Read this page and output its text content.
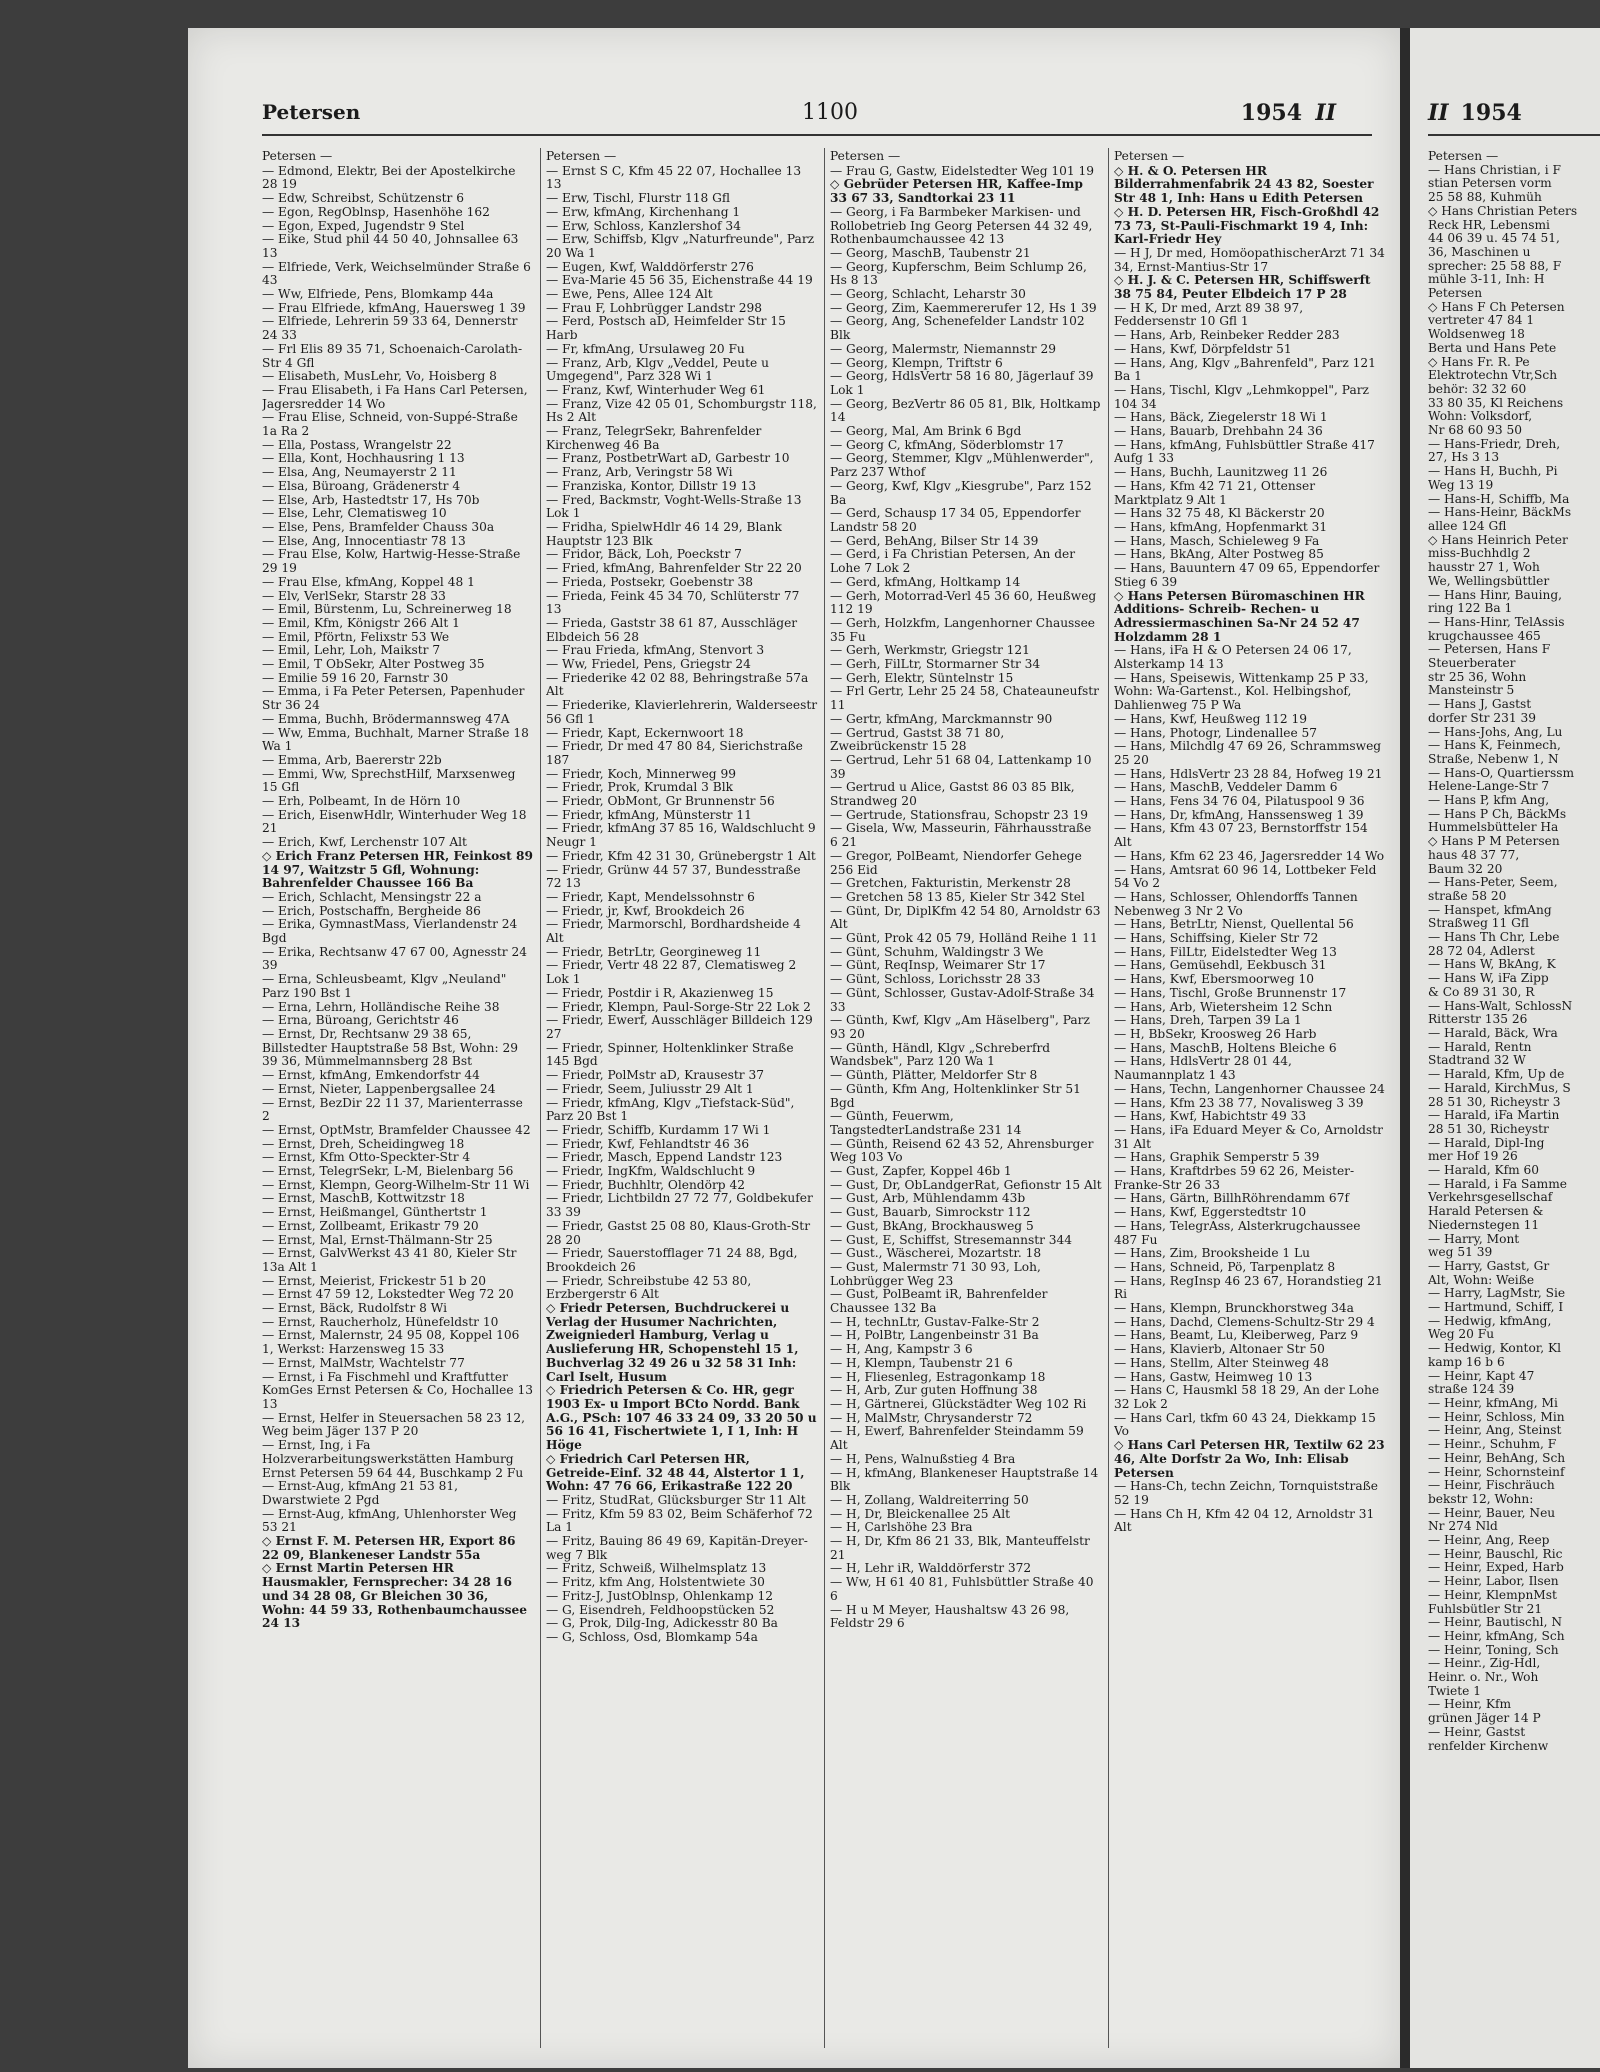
Petersen	1100	1954 II
Petersen —
— Edmond, Elektr, Bei der Apostelkirche 28 19
— Edw, Schreibst, Schützenstr 6
— Egon, RegOblnsp, Hasenhöhe 162
— Egon, Exped, Jugendstr 9 Stel
— Eike, Stud phil 44 50 40, Johnsallee 63 13
— Elfriede, Verk, Weichselmünder Straße 6 43
— Ww, Elfriede, Pens, Blomkamp 44a
— Frau Elfriede, kfmAng, Hauersweg 1 39
— Elfriede, Lehrerin 59 33 64, Dennerstr 24 33
— Frl Elis 89 35 71, Schoenaich-Carolath-Str 4 Gfl
— Elisabeth, MusLehr, Vo, Hoisberg 8
— Frau Elisabeth, i Fa Hans Carl Petersen, Jagersredder 14 Wo
— Frau Elise, Schneid, von-Suppé-Straße 1a Ra 2
— Ella, Postass, Wrangelstr 22
— Ella, Kont, Hochhausring 1 13
— Elsa, Ang, Neumayerstr 2 11
— Elsa, Büroang, Grädenerstr 4
— Else, Arb, Hastedtstr 17, Hs 70b
— Else, Lehr, Clematisweg 10
— Else, Pens, Bramfelder Chauss 30a
— Else, Ang, Innocentiastr 78 13
— Frau Else, Kolw, Hartwig-Hesse-Straße 29 19
— Frau Else, kfmAng, Koppel 48 1
— Elv, VerlSekr, Starstr 28 33
— Emil, Bürstenm, Lu, Schreinerweg 18
— Emil, Kfm, Königstr 266 Alt 1
— Emil, Pförtn, Felixstr 53 We
— Emil, Lehr, Loh, Maikstr 7
— Emil, T ObSekr, Alter Postweg 35
— Emilie 59 16 20, Farnstr 30
— Emma, i Fa Peter Petersen, Papenhuder Str 36 24
— Emma, Buchh, Brödermannsweg 47A
— Ww, Emma, Buchhalt, Marner Straße 18 Wa 1
— Emma, Arb, Baererstr 22b
— Emmi, Ww, SprechstHilf, Marxsenweg 15 Gfl
— Erh, Polbeamt, In de Hörn 10
— Erich, EisenwHdlr, Winterhuder Weg 18 21
— Erich, Kwf, Lerchenstr 107 Alt
◇ Erich Franz Petersen HR, Feinkost 89 14 97, Waitzstr 5 Gfl, Wohnung: Bahrenfelder Chaussee 166 Ba
— Erich, Schlacht, Mensingstr 22 a
— Erich, Postschaffn, Bergheide 86
— Erika, GymnastMass, Vierlandenstr 24 Bgd
— Erika, Rechtsanw 47 67 00, Agnesstr 24 39
— Erna, Schleusbeamt, Klgv „Neuland" Parz 190 Bst 1
— Erna, Lehrn, Holländische Reihe 38
— Erna, Büroang, Gerichtstr 46
— Ernst, Dr, Rechtsanw 29 38 65, Billstedter Hauptstraße 58 Bst, Wohn: 29 39 36, Mümmelmannsberg 28 Bst
— Ernst, kfmAng, Emkendorfstr 44
— Ernst, Nieter, Lappenbergsallee 24
— Ernst, BezDir 22 11 37, Marienterrasse 2
— Ernst, OptMstr, Bramfelder Chaussee 42
— Ernst, Dreh, Scheidingweg 18
— Ernst, Kfm Otto-Speckter-Str 4
— Ernst, TelegrSekr, L-M, Bielenbarg 56
— Ernst, Klempn, Georg-Wilhelm-Str 11 Wi
— Ernst, MaschB, Kottwitzstr 18
— Ernst, Heißmangel, Günthertstr 1
— Ernst, Zollbeamt, Erikastr 79 20
— Ernst, Mal, Ernst-Thälmann-Str 25
— Ernst, GalvWerkst 43 41 80, Kieler Str 13a Alt 1
— Ernst, Meierist, Frickestr 51 b 20
— Ernst 47 59 12, Lokstedter Weg 72 20
— Ernst, Bäck, Rudolfstr 8 Wi
— Ernst, Raucherholz, Hünefeldstr 10
— Ernst, Malernstr, 24 95 08, Koppel 106 1, Werkst: Harzensweg 15 33
— Ernst, MalMstr, Wachtelstr 77
— Ernst, i Fa Fischmehl und Kraftfutter KomGes Ernst Petersen & Co, Hochallee 13 13
— Ernst, Helfer in Steuersachen 58 23 12, Weg beim Jäger 137 P 20
— Ernst, Ing, i Fa Holzverarbeitungswerkstätten Hamburg Ernst Petersen 59 64 44, Buschkamp 2 Fu
— Ernst-Aug, kfmAng 21 53 81, Dwarstwiete 2 Pgd
— Ernst-Aug, kfmAng, Uhlenhorster Weg 53 21
◇ Ernst F. M. Petersen HR, Export 86 22 09, Blankeneser Landstr 55a
◇ Ernst Martin Petersen HR Hausmakler, Fernsprecher: 34 28 16 und 34 28 08, Gr Bleichen 30 36, Wohn: 44 59 33, Rothenbaumchaussee 24 13
Petersen —
— Ernst S C, Kfm 45 22 07, Hochallee 13 13
— Erw, Tischl, Flurstr 118 Gfl
— Erw, kfmAng, Kirchenhang 1
— Erw, Schloss, Kanzlershof 34
— Erw, Schiffsb, Klgv „Naturfreunde", Parz 20 Wa 1
— Eugen, Kwf, Walddörferstr 276
— Eva-Marie 45 56 35, Eichenstraße 44 19
— Ewe, Pens, Allee 124 Alt
— Frau F, Lohbrügger Landstr 298
— Ferd, Postsch aD, Heimfelder Str 15 Harb
— Fr, kfmAng, Ursulaweg 20 Fu
— Franz, Arb, Klgv „Veddel, Peute u Umgegend", Parz 328 Wi 1
— Franz, Kwf, Winterhuder Weg 61
— Franz, Vize 42 05 01, Schomburgstr 118, Hs 2 Alt
— Franz, TelegrSekr, Bahrenfelder Kirchenweg 46 Ba
— Franz, PostbetrWart aD, Garbestr 10
— Franz, Arb, Veringstr 58 Wi
— Franziska, Kontor, Dillstr 19 13
— Fred, Backmstr, Voght-Wells-Straße 13 Lok 1
— Fridha, SpielwHdlr 46 14 29, Blank Hauptstr 123 Blk
— Fridor, Bäck, Loh, Poeckstr 7
— Fried, kfmAng, Bahrenfelder Str 22 20
— Frieda, Postsekr, Goebenstr 38
— Frieda, Feink 45 34 70, Schlüterstr 77 13
— Frieda, Gaststr 38 61 87, Ausschläger Elbdeich 56 28
— Frau Frieda, kfmAng, Stenvort 3
— Ww, Friedel, Pens, Griegstr 24
— Friederike 42 02 88, Behringstraße 57a Alt
— Friederike, Klavierlehrerin, Walderseestr 56 Gfl 1
— Friedr, Kapt, Eckernwoort 18
— Friedr, Dr med 47 80 84, Sierichstraße 187
— Friedr, Koch, Minnerweg 99
— Friedr, Prok, Krumdal 3 Blk
— Friedr, ObMont, Gr Brunnenstr 56
— Friedr, kfmAng, Münsterstr 11
— Friedr, kfmAng 37 85 16, Waldschlucht 9 Neugr 1
— Friedr, Kfm 42 31 30, Grünebergstr 1 Alt
— Friedr, Grünw 44 57 37, Bundesstraße 72 13
— Friedr, Kapt, Mendelssohnstr 6
— Friedr, jr, Kwf, Brookdeich 26
— Friedr, Marmorschl, Bordhardsheide 4 Alt
— Friedr, BetrLtr, Georgineweg 11
— Friedr, Vertr 48 22 87, Clematisweg 2 Lok 1
— Friedr, Postdir i R, Akazienweg 15
— Friedr, Klempn, Paul-Sorge-Str 22 Lok 2
— Friedr, Ewerf, Ausschläger Billdeich 129 27
— Friedr, Spinner, Holtenklinker Straße 145 Bgd
— Friedr, PolMstr aD, Krausestr 37
— Friedr, Seem, Juliusstr 29 Alt 1
— Friedr, kfmAng, Klgv „Tiefstack-Süd", Parz 20 Bst 1
— Friedr, Schiffb, Kurdamm 17 Wi 1
— Friedr, Kwf, Fehlandtstr 46 36
— Friedr, Masch, Eppend Landstr 123
— Friedr, IngKfm, Waldschlucht 9
— Friedr, Buchhltr, Olendörp 42
— Friedr, Lichtbildn 27 72 77, Goldbekufer 33 39
— Friedr, Gastst 25 08 80, Klaus-Groth-Str 28 20
— Friedr, Sauerstofflager 71 24 88, Bgd, Brookdeich 26
— Friedr, Schreibstube 42 53 80, Erzbergerstr 6 Alt
◇ Friedr Petersen, Buchdruckerei u Verlag der Husumer Nachrichten, Zweigniederl Hamburg, Verlag u Auslieferung HR, Schopenstehl 15 1, Buchverlag 32 49 26 u 32 58 31 Inh: Carl Iselt, Husum
◇ Friedrich Petersen & Co. HR, gegr 1903 Ex- u Import BCto Nordd. Bank A.G., PSch: 107 46 33 24 09, 33 20 50 u 56 16 41, Fischertwiete 1, I 1, Inh: H Höge
◇ Friedrich Carl Petersen HR, Getreide-Einf. 32 48 44, Alstertor 1 1, Wohn: 47 76 66, Erikastraße 122 20
— Fritz, StudRat, Glücksburger Str 11 Alt
— Fritz, Kfm 59 83 02, Beim Schäferhof 72 La 1
— Fritz, Bauing 86 49 69, Kapitän-Dreyer-weg 7 Blk
— Fritz, Schweiß, Wilhelmsplatz 13
— Fritz, kfm Ang, Holstentwiete 30
— Fritz-J, JustOblnsp, Ohlenkamp 12
— G, Eisendreh, Feldhoopstücken 52
— G, Prok, Dilg-Ing, Adickesstr 80 Ba
— G, Schloss, Osd, Blomkamp 54a
Petersen —
— Frau G, Gastw, Eidelstedter Weg 101 19
◇ Gebrüder Petersen HR, Kaffee-Imp 33 67 33, Sandtorkai 23 11
— Georg, i Fa Barmbeker Markisen- und Rollobetrieb Ing Georg Petersen 44 32 49, Rothenbaumchaussee 42 13
— Georg, MaschB, Taubenstr 21
— Georg, Kupferschm, Beim Schlump 26, Hs 8 13
— Georg, Schlacht, Leharstr 30
— Georg, Zim, Kaemmererufer 12, Hs 1 39
— Georg, Ang, Schenefelder Landstr 102 Blk
— Georg, Malermstr, Niemannstr 29
— Georg, Klempn, Triftstr 6
— Georg, HdlsVertr 58 16 80, Jägerlauf 39 Lok 1
— Georg, BezVertr 86 05 81, Blk, Holtkamp 14
— Georg, Mal, Am Brink 6 Bgd
— Georg C, kfmAng, Söderblomstr 17
— Georg, Stemmer, Klgv „Mühlenwerder", Parz 237 Wthof
— Georg, Kwf, Klgv „Kiesgrube", Parz 152 Ba
— Gerd, Schausp 17 34 05, Eppendorfer Landstr 58 20
— Gerd, BehAng, Bilser Str 14 39
— Gerd, i Fa Christian Petersen, An der Lohe 7 Lok 2
— Gerd, kfmAng, Holtkamp 14
— Gerh, Motorrad-Verl 45 36 60, Heußweg 112 19
— Gerh, Holzkfm, Langenhorner Chaussee 35 Fu
— Gerh, Werkmstr, Griegstr 121
— Gerh, FilLtr, Stormarner Str 34
— Gerh, Elektr, Süntelnstr 15
— Frl Gertr, Lehr 25 24 58, Chateauneufstr 11
— Gertr, kfmAng, Marckmannstr 90
— Gertrud, Gastst 38 71 80, Zweibrückenstr 15 28
— Gertrud, Lehr 51 68 04, Lattenkamp 10 39
— Gertrud u Alice, Gastst 86 03 85 Blk, Strandweg 20
— Gertrude, Stationsfrau, Schopstr 23 19
— Gisela, Ww, Masseurin, Fährhausstraße 6 21
— Gregor, PolBeamt, Niendorfer Gehege 256 Eid
— Gretchen, Fakturistin, Merkenstr 28
— Gretchen 58 13 85, Kieler Str 342 Stel
— Günt, Dr, DiplKfm 42 54 80, Arnoldstr 63 Alt
— Günt, Prok 42 05 79, Holländ Reihe 1 11
— Günt, Schuhm, Waldingstr 3 We
— Günt, ReqInsp, Weimarer Str 17
— Günt, Schloss, Lorichsstr 28 33
— Günt, Schlosser, Gustav-Adolf-Straße 34 33
— Günth, Kwf, Klgv „Am Häselberg", Parz 93 20
— Günth, Händl, Klgv „Schreberfrd Wandsbek", Parz 120 Wa 1
— Günth, Plätter, Meldorfer Str 8
— Günth, Kfm Ang, Holtenklinker Str 51 Bgd
— Günth, Feuerwm, TangstedterLandstraße 231 14
— Günth, Reisend 62 43 52, Ahrensburger Weg 103 Vo
— Gust, Zapfer, Koppel 46b 1
— Gust, Dr, ObLandgerRat, Gefionstr 15 Alt
— Gust, Arb, Mühlendamm 43b
— Gust, Bauarb, Simrockstr 112
— Gust, BkAng, Brockhausweg 5
— Gust, E, Schiffst, Stresemannstr 344
— Gust., Wäscherei, Mozartstr. 18
— Gust, Malermstr 71 30 93, Loh, Lohbrügger Weg 23
— Gust, PolBeamt iR, Bahrenfelder Chaussee 132 Ba
— H, technLtr, Gustav-Falke-Str 2
— H, PolBtr, Langenbeinstr 31 Ba
— H, Ang, Kampstr 3 6
— H, Klempn, Taubenstr 21 6
— H, Fliesenleg, Estragonkamp 18
— H, Arb, Zur guten Hoffnung 38
— H, Gärtnerei, Glückstädter Weg 102 Ri
— H, MalMstr, Chrysanderstr 72
— H, Ewerf, Bahrenfelder Steindamm 59 Alt
— H, Pens, Walnußstieg 4 Bra
— H, kfmAng, Blankeneser Hauptstraße 14 Blk
— H, Zollang, Waldreiterring 50
— H, Dr, Bleickenallee 25 Alt
— H, Carlshöhe 23 Bra
— H, Dr, Kfm 86 21 33, Blk, Manteuffelstr 21
— H, Lehr iR, Walddörferstr 372
— Ww, H 61 40 81, Fuhlsbüttler Straße 40 6
— H u M Meyer, Haushaltsw 43 26 98, Feldstr 29 6
Petersen —
◇ H. & O. Petersen HR Bilderrahmenfabrik 24 43 82, Soester Str 48 1, Inh: Hans u Edith Petersen
◇ H. D. Petersen HR, Fisch-Großhdl 42 73 73, St-Pauli-Fischmarkt 19 4, Inh: Karl-Friedr Hey
— H J, Dr med, HomöopathischerArzt 71 34 34, Ernst-Mantius-Str 17
◇ H. J. & C. Petersen HR, Schiffswerft 38 75 84, Peuter Elbdeich 17 P 28
— H K, Dr med, Arzt 89 38 97, Feddersenstr 10 Gfl 1
— Hans, Arb, Reinbeker Redder 283
— Hans, Kwf, Dörpfeldstr 51
— Hans, Ang, Klgv „Bahrenfeld", Parz 121 Ba 1
— Hans, Tischl, Klgv „Lehmkoppel", Parz 104 34
— Hans, Bäck, Ziegelerstr 18 Wi 1
— Hans, Bauarb, Drehbahn 24 36
— Hans, kfmAng, Fuhlsbüttler Straße 417 Aufg 1 33
— Hans, Buchh, Launitzweg 11 26
— Hans, Kfm 42 71 21, Ottenser Marktplatz 9 Alt 1
— Hans 32 75 48, Kl Bäckerstr 20
— Hans, kfmAng, Hopfenmarkt 31
— Hans, Masch, Schieleweg 9 Fa
— Hans, BkAng, Alter Postweg 85
— Hans, Bauuntern 47 09 65, Eppendorfer Stieg 6 39
◇ Hans Petersen Büromaschinen HR Additions- Schreib- Rechen- u Adressiermaschinen Sa-Nr 24 52 47 Holzdamm 28 1
— Hans, iFa H & O Petersen 24 06 17, Alsterkamp 14 13
— Hans, Speisewis, Wittenkamp 25 P 33, Wohn: Wa-Gartenst., Kol. Helbingshof, Dahlienweg 75 P Wa
— Hans, Kwf, Heußweg 112 19
— Hans, Photogr, Lindenallee 57
— Hans, Milchdlg 47 69 26, Schrammsweg 25 20
— Hans, HdlsVertr 23 28 84, Hofweg 19 21
— Hans, MaschB, Veddeler Damm 6
— Hans, Fens 34 76 04, Pilatuspool 9 36
— Hans, Dr, kfmAng, Hanssensweg 1 39
— Hans, Kfm 43 07 23, Bernstorffstr 154 Alt
— Hans, Kfm 62 23 46, Jagersredder 14 Wo
— Hans, Amtsrat 60 96 14, Lottbeker Feld 54 Vo 2
— Hans, Schlosser, Ohlendorffs Tannen Nebenweg 3 Nr 2 Vo
— Hans, BetrLtr, Nienst, Quellental 56
— Hans, Schiffsing, Kieler Str 72
— Hans, FilLtr, Eidelstedter Weg 13
— Hans, Gemüsehdl, Eekbusch 31
— Hans, Kwf, Ebersmoorweg 10
— Hans, Tischl, Große Brunnenstr 17
— Hans, Arb, Wietersheim 12 Schn
— Hans, Dreh, Tarpen 39 La 1
— H, BbSekr, Kroosweg 26 Harb
— Hans, MaschB, Holtens Bleiche 6
— Hans, HdlsVertr 28 01 44, Naumannplatz 1 43
— Hans, Techn, Langenhorner Chaussee 24
— Hans, Kfm 23 38 77, Novalisweg 3 39
— Hans, Kwf, Habichtstr 49 33
— Hans, iFa Eduard Meyer & Co, Arnoldstr 31 Alt
— Hans, Graphik Semperstr 5 39
— Hans, Kraftdrbes 59 62 26, Meister-Franke-Str 26 33
— Hans, Gärtn, BillhRöhrendamm 67f
— Hans, Kwf, Eggerstedtstr 10
— Hans, TelegrAss, Alsterkrugchaussee 487 Fu
— Hans, Zim, Brooksheide 1 Lu
— Hans, Schneid, Pö, Tarpenplatz 8
— Hans, RegInsp 46 23 67, Horandstieg 21 Ri
— Hans, Klempn, Brunckhorstweg 34a
— Hans, Dachd, Clemens-Schultz-Str 29 4
— Hans, Beamt, Lu, Kleiberweg, Parz 9
— Hans, Klavierb, Altonaer Str 50
— Hans, Stellm, Alter Steinweg 48
— Hans, Gastw, Heimweg 10 13
— Hans C, Hausmkl 58 18 29, An der Lohe 32 Lok 2
— Hans Carl, tkfm 60 43 24, Diekkamp 15 Vo
◇ Hans Carl Petersen HR, Textilw 62 23 46, Alte Dorfstr 2a Wo, Inh: Elisab Petersen
— Hans-Ch, techn Zeichn, Tornquiststraße 52 19
— Hans Ch H, Kfm 42 04 12, Arnoldstr 31 Alt
II 1954
Petersen —
— Hans Christian, i F
stian Petersen vorm
25 58 88, Kuhmüh
◇ Hans Christian Peters
Reck HR, Lebensmi
44 06 39 u. 45 74 51,
36, Maschinen u
sprecher: 25 58 88, F
mühle 3-11, Inh: H
Petersen
◇ Hans F Ch Petersen
vertreter 47 84 1
Woldsenweg 18
Berta und Hans Pete
◇ Hans Fr. R. Pe
Elektrotechn Vtr,Sch
behör: 32 32 60
33 80 35, Kl Reichens
Wohn: Volksdorf,
Nr 68 60 93 50
— Hans-Friedr, Dreh,
27, Hs 3 13
— Hans H, Buchh, Pi
Weg 13 19
— Hans-H, Schiffb, Ma
— Hans-Heinr, BäckMs
allee 124 Gfl
◇ Hans Heinrich Peter
miss-Buchhdlg 2
hausstr 27 1, Woh
We, Wellingsbüttler
— Hans Hinr, Bauing,
ring 122 Ba 1
— Hans-Hinr, TelAssis
krugchaussee 465
— Petersen, Hans F
Steuerberater
str 25 36, Wohn
Mansteinstr 5
— Hans J, Gastst
dorfer Str 231 39
— Hans-Johs, Ang, Lu
— Hans K, Feinmech,
Straße, Nebenw 1, N
— Hans-O, Quartierssm
Helene-Lange-Str 7
— Hans P, kfm Ang,
— Hans P Ch, BäckMs
Hummelsbütteler Ha
◇ Hans P M Petersen
haus 48 37 77,
Baum 32 20
— Hans-Peter, Seem,
straße 58 20
— Hanspet, kfmAng
Straßweg 11 Gfl
— Hans Th Chr, Lebe
28 72 04, Adlerst
— Hans W, BkAng, K
— Hans W, iFa Zipp
& Co 89 31 30, R
— Hans-Walt, SchlossN
Ritterstr 135 26
— Harald, Bäck, Wra
— Harald, Rentn
Stadtrand 32 W
— Harald, Kfm, Up de
— Harald, KirchMus, S
28 51 30, Richeystr 3
— Harald, iFa Martin
28 51 30, Richeystr
— Harald, Dipl-Ing
mer Hof 19 26
— Harald, Kfm 60
— Harald, i Fa Samme
Verkehrsgesellschaf
Harald Petersen &
Niedernstegen 11
— Harry, Mont
weg 51 39
— Harry, Gastst, Gr
Alt, Wohn: Weiße
— Harry, LagMstr, Sie
— Hartmund, Schiff, I
— Hedwig, kfmAng,
Weg 20 Fu
— Hedwig, Kontor, Kl
kamp 16 b 6
— Heinr, Kapt 47
straße 124 39
— Heinr, kfmAng, Mi
— Heinr, Schloss, Min
— Heinr, Ang, Steinst
— Heinr., Schuhm, F
— Heinr, BehAng, Sch
— Heinr, Schornsteinf
— Heinr, Fischräuch
bekstr 12, Wohn:
— Heinr, Bauer, Neu
Nr 274 Nld
— Heinr, Ang, Reep
— Heinr, Bauschl, Ric
— Heinr, Exped, Harb
— Heinr, Labor, Ilsen
— Heinr, KlempnMst
Fuhlsbütler Str 21
— Heinr, Bautischl, N
— Heinr, kfmAng, Sch
— Heinr, Toning, Sch
— Heinr., Zig-Hdl,
Heinr. o. Nr., Woh
Twiete 1
— Heinr, Kfm
grünen Jäger 14 P
— Heinr, Gastst
renfelder Kirchenw
